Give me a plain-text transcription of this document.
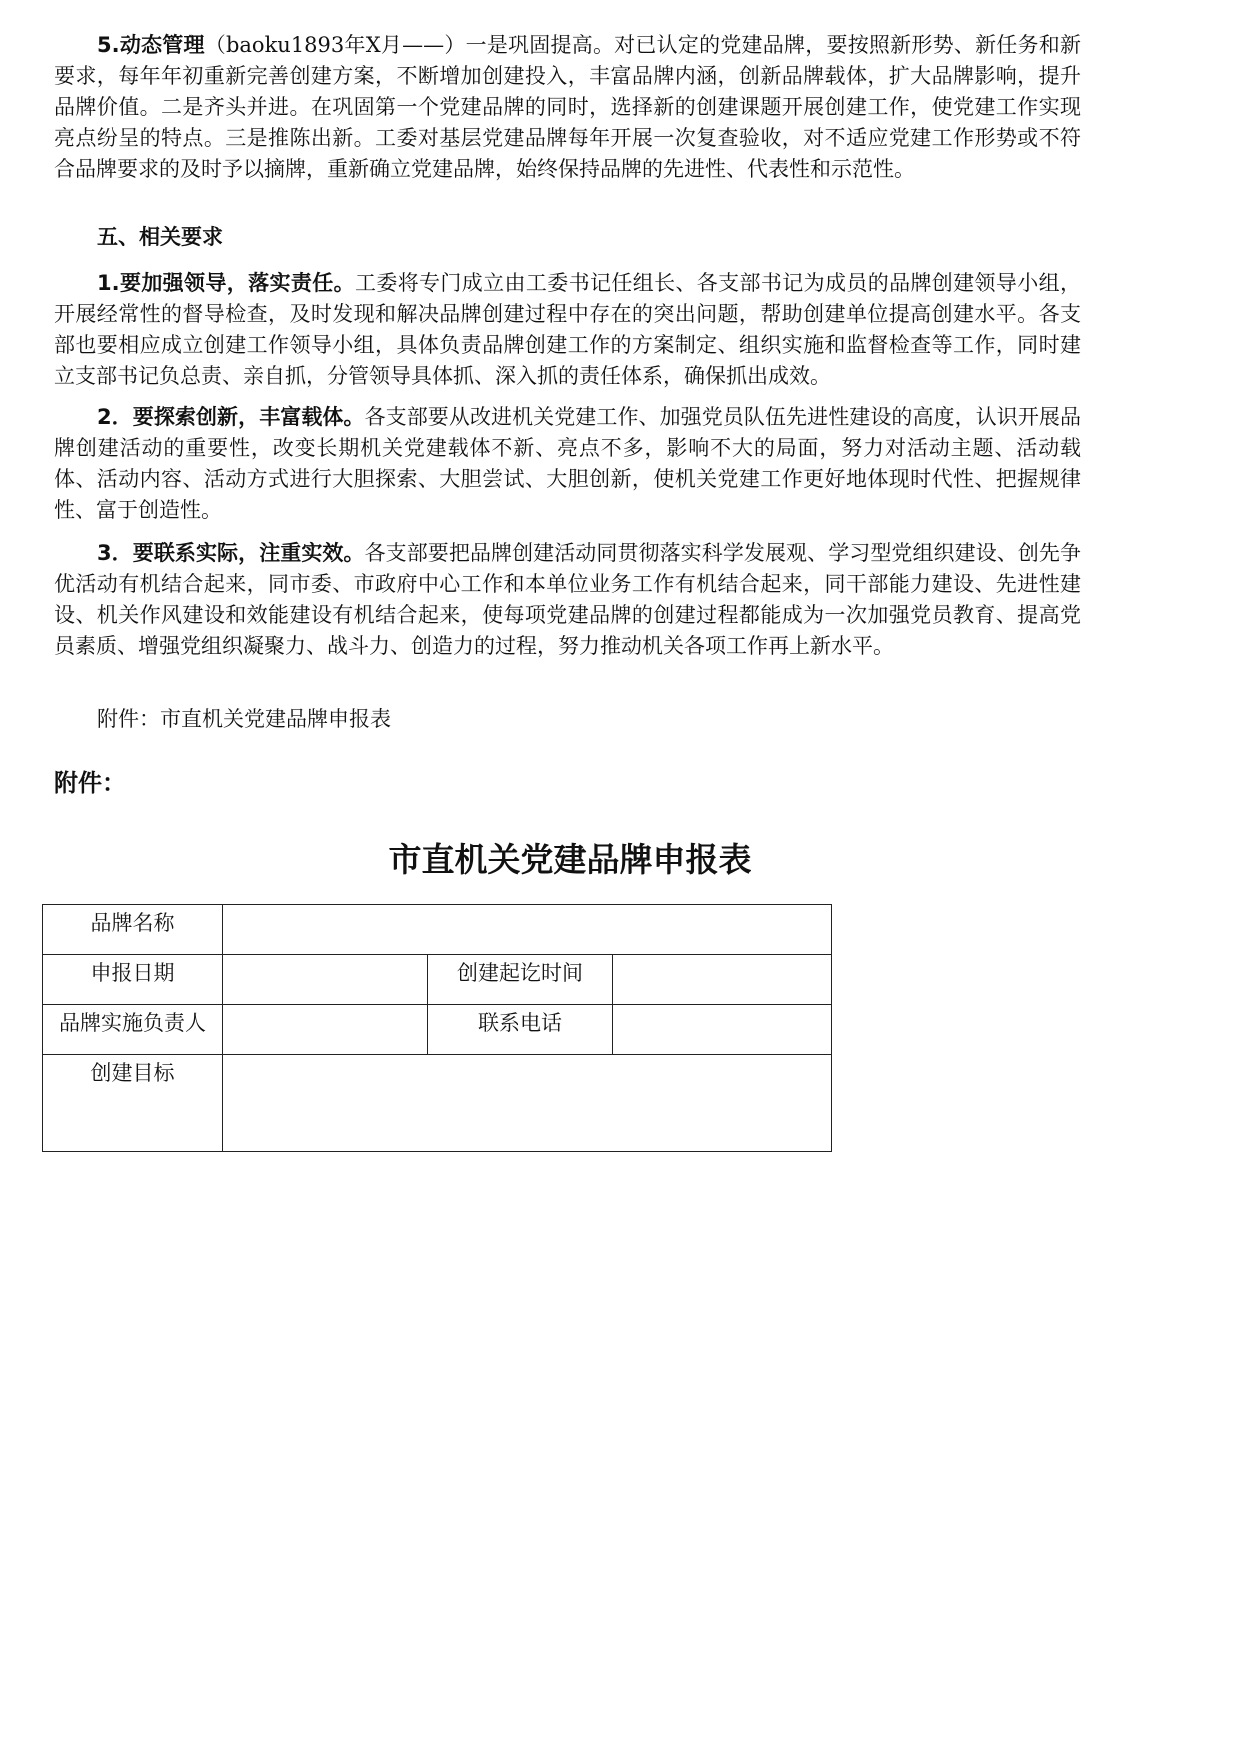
5.动态管理（baoku1893年X月——）一是巩固提高。对已认定的党建品牌，要按照新形势、新任务和新要求，每年年初重新完善创建方案，不断增加创建投入，丰富品牌内涵，创新品牌载体，扩大品牌影响，提升品牌价值。二是齐头并进。在巩固第一个党建品牌的同时，选择新的创建课题开展创建工作，使党建工作实现亮点纷呈的特点。三是推陈出新。工委对基层党建品牌每年开展一次复查验收，对不适应党建工作形势或不符合品牌要求的及时予以摘牌，重新确立党建品牌，始终保持品牌的先进性、代表性和示范性。

五、相关要求

1.要加强领导，落实责任。工委将专门成立由工委书记任组长、各支部书记为成员的品牌创建领导小组，开展经常性的督导检查，及时发现和解决品牌创建过程中存在的突出问题，帮助创建单位提高创建水平。各支部也要相应成立创建工作领导小组，具体负责品牌创建工作的方案制定、组织实施和监督检查等工作，同时建立支部书记负总责、亲自抓，分管领导具体抓、深入抓的责任体系，确保抓出成效。

2．要探索创新，丰富载体。各支部要从改进机关党建工作、加强党员队伍先进性建设的高度，认识开展品牌创建活动的重要性，改变长期机关党建载体不新、亮点不多，影响不大的局面，努力对活动主题、活动载体、活动内容、活动方式进行大胆探索、大胆尝试、大胆创新，使机关党建工作更好地体现时代性、把握规律性、富于创造性。

3．要联系实际，注重实效。各支部要把品牌创建活动同贯彻落实科学发展观、学习型党组织建设、创先争优活动有机结合起来，同市委、市政府中心工作和本单位业务工作有机结合起来，同干部能力建设、先进性建设、机关作风建设和效能建设有机结合起来，使每项党建品牌的创建过程都能成为一次加强党员教育、提高党员素质、增强党组织凝聚力、战斗力、创造力的过程，努力推动机关各项工作再上新水平。

附件：市直机关党建品牌申报表

附件：

市直机关党建品牌申报表
品牌名称			
申报日期		创建起讫时间	
品牌实施负责人		联系电话	
创建目标			
